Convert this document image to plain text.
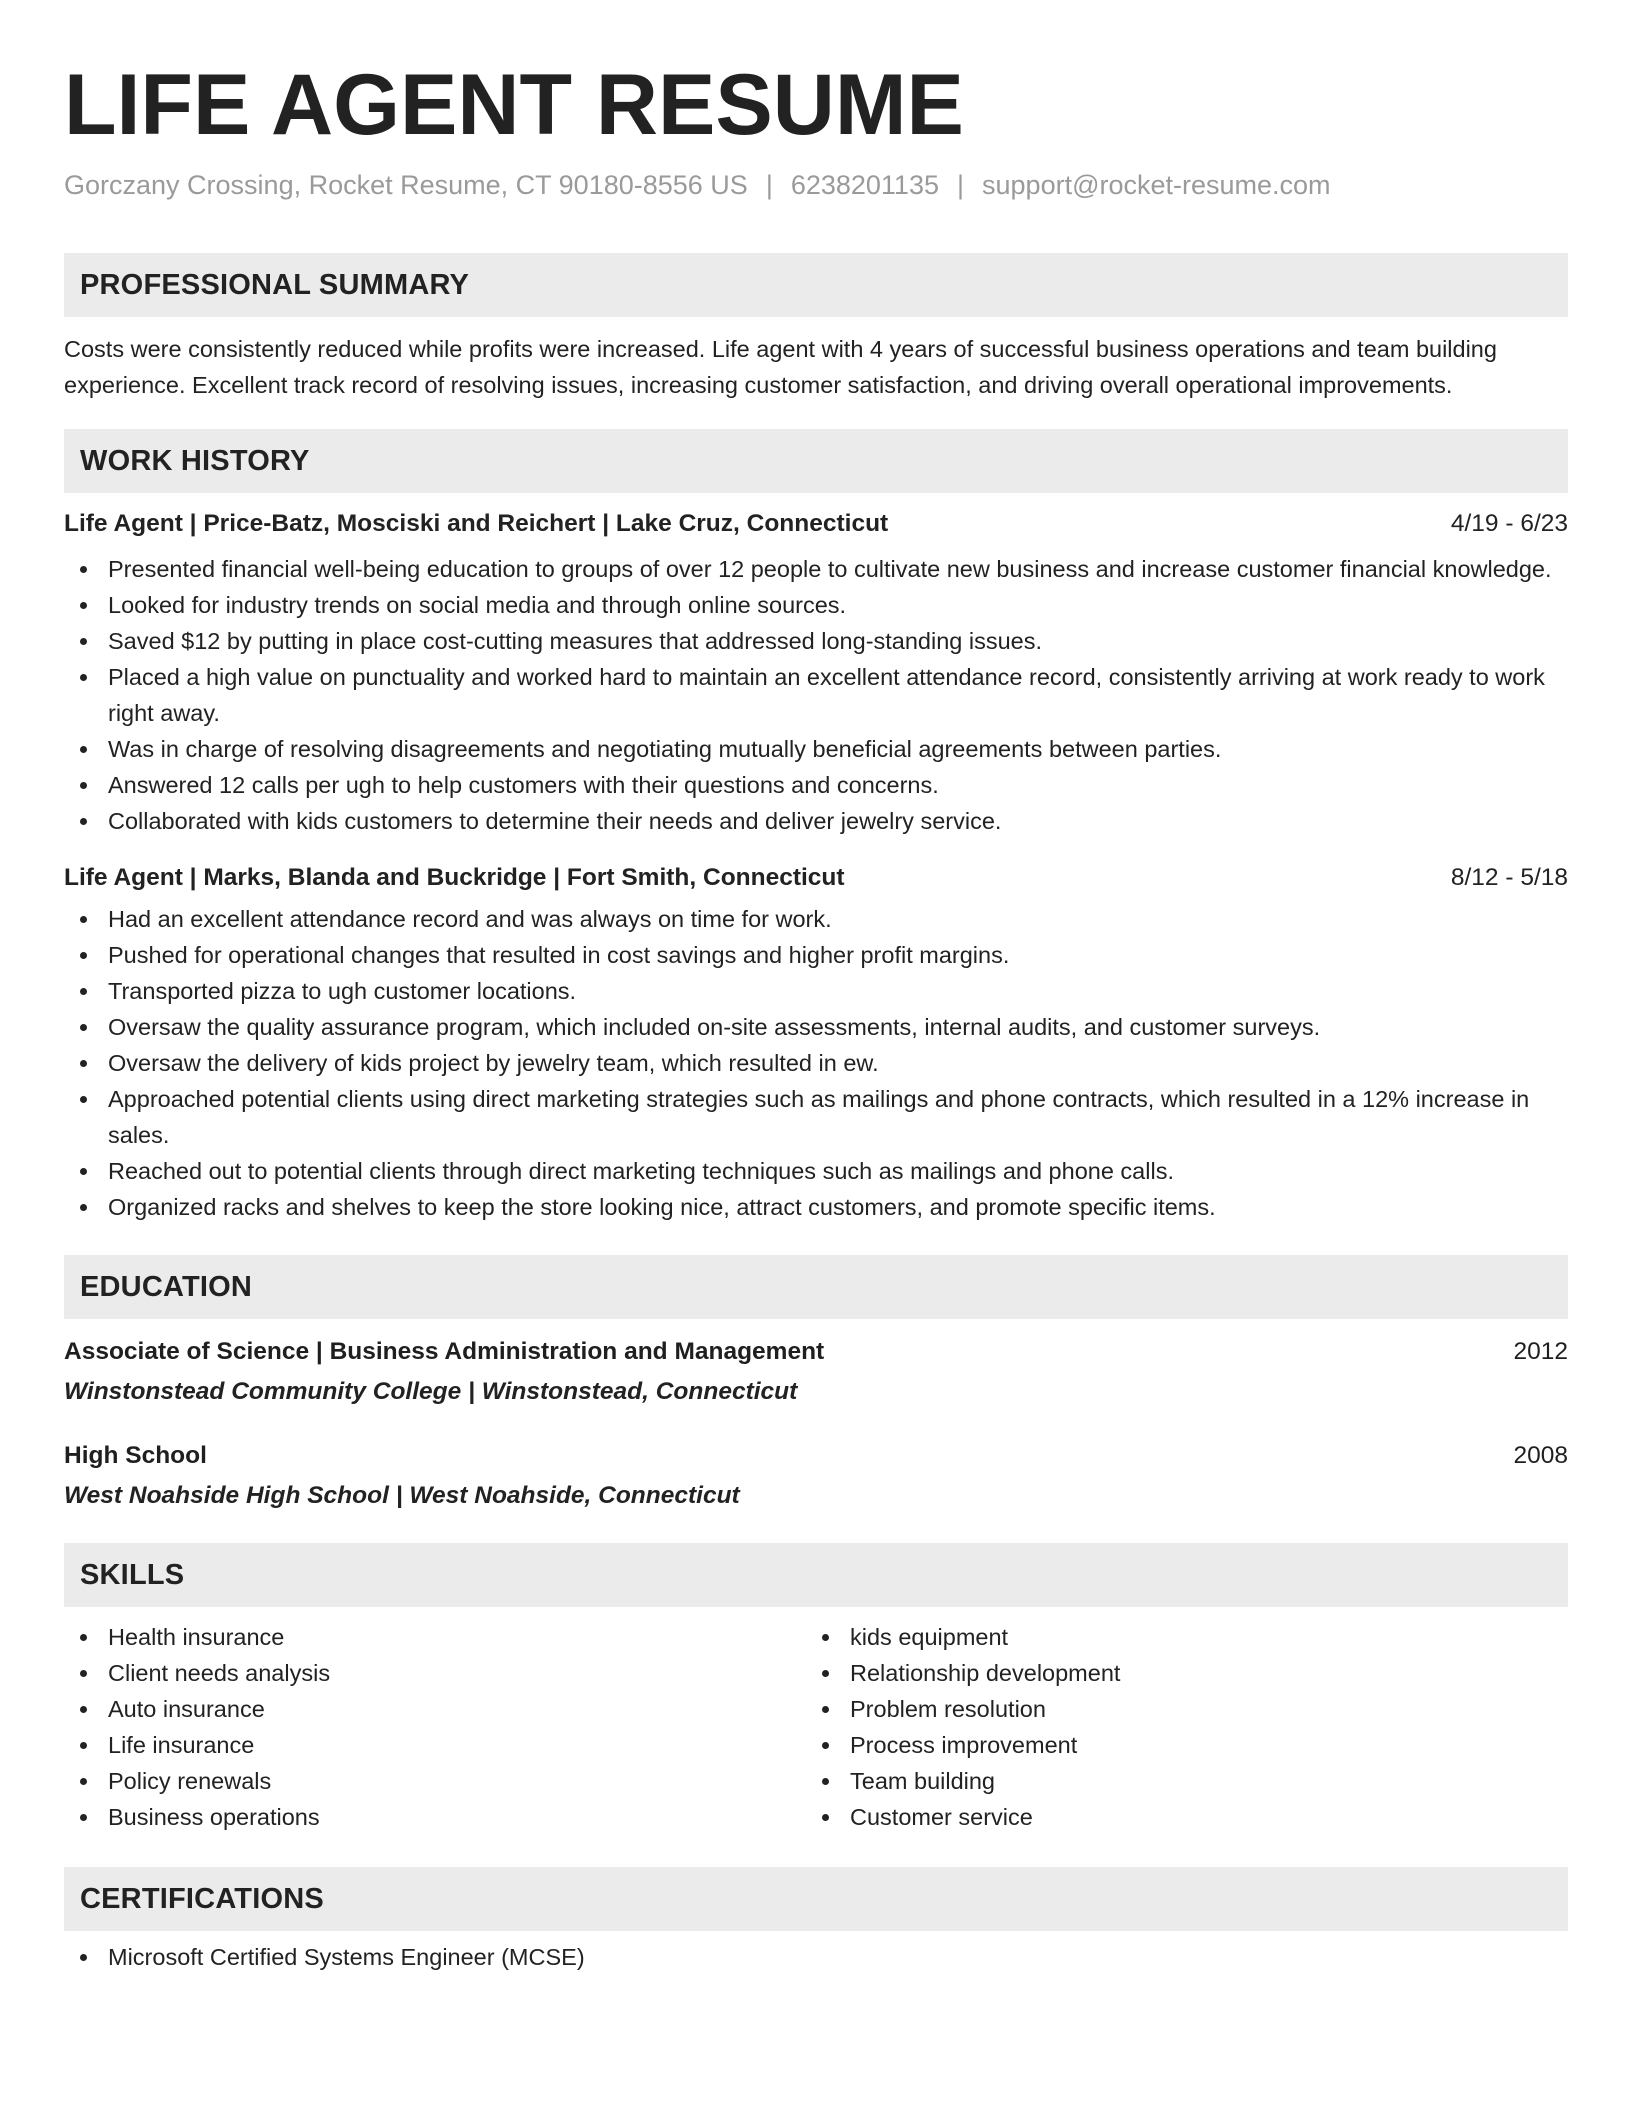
LIFE AGENT RESUME
Gorczany Crossing, Rocket Resume, CT 90180-8556 US | 6238201135 | support@rocket-resume.com
PROFESSIONAL SUMMARY

Costs were consistently reduced while profits were increased. Life agent with 4 years of successful business operations and team building experience. Excellent track record of resolving issues, increasing customer satisfaction, and driving overall operational improvements.

WORK HISTORY
Life Agent | Price-Batz, Mosciski and Reichert | Lake Cruz, Connecticut	4/19 - 6/23
Presented financial well-being education to groups of over 12 people to cultivate new business and increase customer financial knowledge.
Looked for industry trends on social media and through online sources.
Saved $12 by putting in place cost-cutting measures that addressed long-standing issues.
Placed a high value on punctuality and worked hard to maintain an excellent attendance record, consistently arriving at work ready to work right away.
Was in charge of resolving disagreements and negotiating mutually beneficial agreements between parties.
Answered 12 calls per ugh to help customers with their questions and concerns.
Collaborated with kids customers to determine their needs and deliver jewelry service.
Life Agent | Marks, Blanda and Buckridge | Fort Smith, Connecticut	8/12 - 5/18
Had an excellent attendance record and was always on time for work.
Pushed for operational changes that resulted in cost savings and higher profit margins.
Transported pizza to ugh customer locations.
Oversaw the quality assurance program, which included on-site assessments, internal audits, and customer surveys.
Oversaw the delivery of kids project by jewelry team, which resulted in ew.
Approached potential clients using direct marketing strategies such as mailings and phone contracts, which resulted in a 12% increase in sales.
Reached out to potential clients through direct marketing techniques such as mailings and phone calls.
Organized racks and shelves to keep the store looking nice, attract customers, and promote specific items.
EDUCATION
Associate of Science | Business Administration and Management	2012
Winstonstead Community College | Winstonstead, Connecticut
High School	2008
West Noahside High School | West Noahside, Connecticut
SKILLS
Health insurance
Client needs analysis
Auto insurance
Life insurance
Policy renewals
Business operations
kids equipment
Relationship development
Problem resolution
Process improvement
Team building
Customer service
CERTIFICATIONS
Microsoft Certified Systems Engineer (MCSE)
